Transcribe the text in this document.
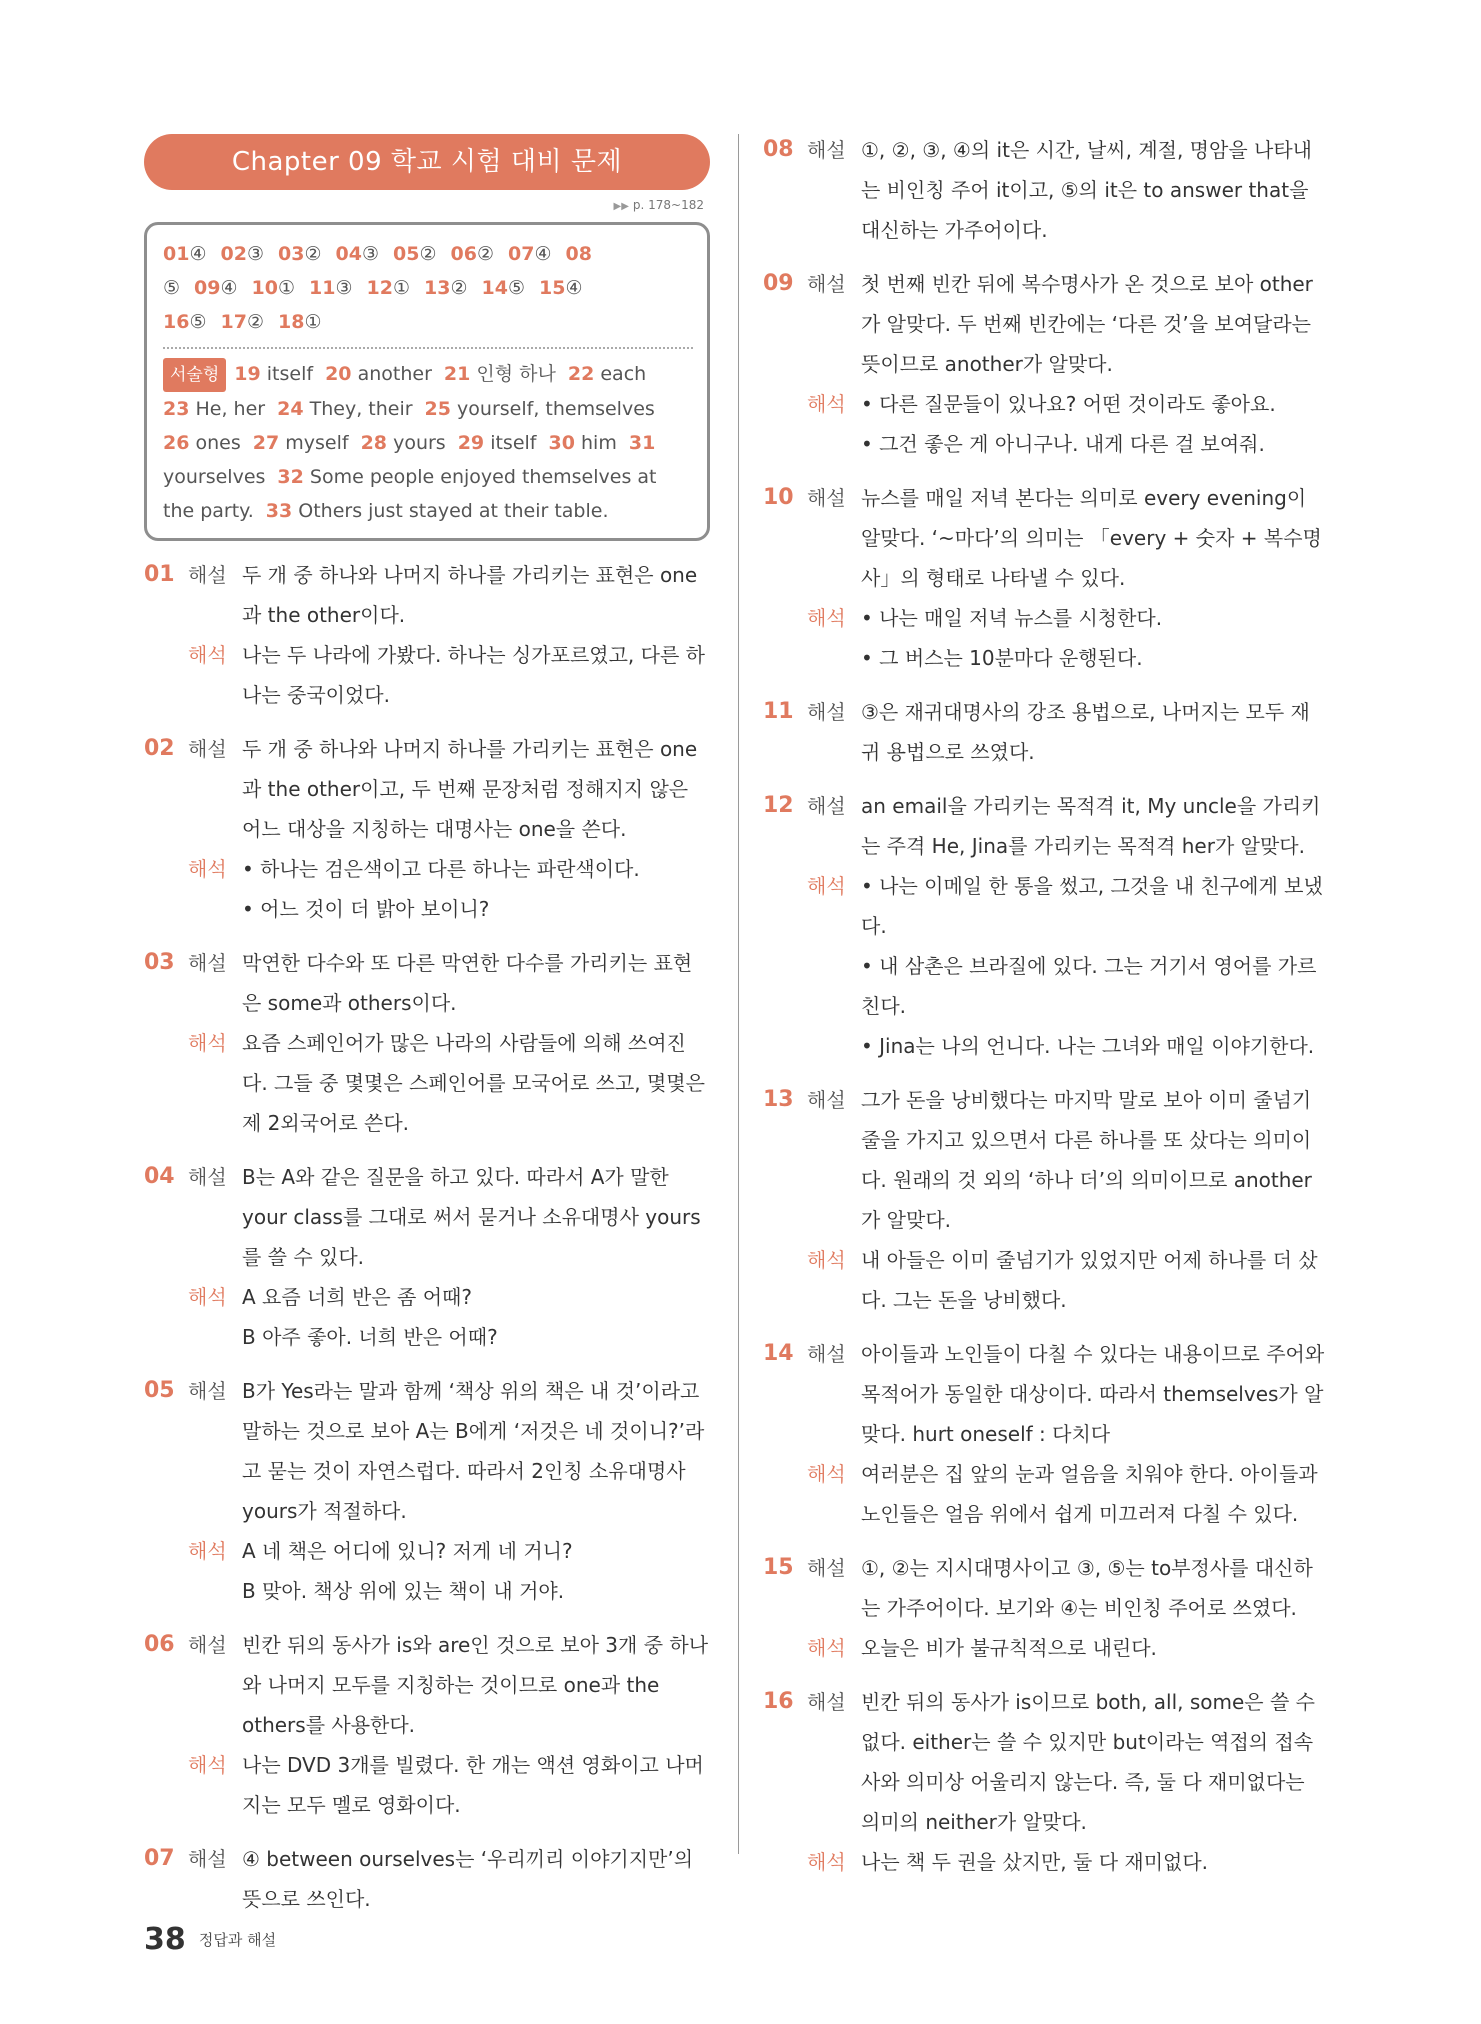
Chapter 09 학교 시험 대비 문제
▶▶ p. 178~182
01④ 02③ 03② 04③ 05② 06② 07④ 08
⑤ 09④ 10① 11③ 12① 13② 14⑤ 15④
16⑤ 17② 18①
서술형 19 itself 20 another 21 인형 하나 22 each
23 He, her 24 They, their 25 yourself, themselves
26 ones 27 myself 28 yours 29 itself 30 him 31
yourselves 32 Some people enjoyed themselves at
the party. 33 Others just stayed at their table.
01 해설 두 개 중 하나와 나머지 하나를 가리키는 표현은 one과 the other이다.
해석 나는 두 나라에 가봤다. 하나는 싱가포르였고, 다른 하나는 중국이었다.
02 해설 두 개 중 하나와 나머지 하나를 가리키는 표현은 one과 the other이고, 두 번째 문장처럼 정해지지 않은 어느 대상을 지칭하는 대명사는 one을 쓴다.
해석 • 하나는 검은색이고 다른 하나는 파란색이다.
• 어느 것이 더 밝아 보이니?
03 해설 막연한 다수와 또 다른 막연한 다수를 가리키는 표현은 some과 others이다.
해석 요즘 스페인어가 많은 나라의 사람들에 의해 쓰여진다. 그들 중 몇몇은 스페인어를 모국어로 쓰고, 몇몇은 제 2외국어로 쓴다.
04 해설 B는 A와 같은 질문을 하고 있다. 따라서 A가 말한 your class를 그대로 써서 묻거나 소유대명사 yours를 쓸 수 있다.
해석 A 요즘 너희 반은 좀 어때?
B 아주 좋아. 너희 반은 어때?
05 해설 B가 Yes라는 말과 함께 ‘책상 위의 책은 내 것’이라고 말하는 것으로 보아 A는 B에게 ‘저것은 네 것이니?’라고 묻는 것이 자연스럽다. 따라서 2인칭 소유대명사 yours가 적절하다.
해석 A 네 책은 어디에 있니? 저게 네 거니?
B 맞아. 책상 위에 있는 책이 내 거야.
06 해설 빈칸 뒤의 동사가 is와 are인 것으로 보아 3개 중 하나와 나머지 모두를 지칭하는 것이므로 one과 the others를 사용한다.
해석 나는 DVD 3개를 빌렸다. 한 개는 액션 영화이고 나머지는 모두 멜로 영화이다.
07 해설 ④ between ourselves는 ‘우리끼리 이야기지만’의 뜻으로 쓰인다.
08 해설 ①, ②, ③, ④의 it은 시간, 날씨, 계절, 명암을 나타내는 비인칭 주어 it이고, ⑤의 it은 to answer that을 대신하는 가주어이다.
09 해설 첫 번째 빈칸 뒤에 복수명사가 온 것으로 보아 other가 알맞다. 두 번째 빈칸에는 ‘다른 것’을 보여달라는 뜻이므로 another가 알맞다.
해석 • 다른 질문들이 있나요? 어떤 것이라도 좋아요.
• 그건 좋은 게 아니구나. 내게 다른 걸 보여줘.
10 해설 뉴스를 매일 저녁 본다는 의미로 every evening이 알맞다. ‘~마다’의 의미는 「every + 숫자 + 복수명사」의 형태로 나타낼 수 있다.
해석 • 나는 매일 저녁 뉴스를 시청한다.
• 그 버스는 10분마다 운행된다.
11 해설 ③은 재귀대명사의 강조 용법으로, 나머지는 모두 재귀 용법으로 쓰였다.
12 해설 an email을 가리키는 목적격 it, My uncle을 가리키는 주격 He, Jina를 가리키는 목적격 her가 알맞다.
해석 • 나는 이메일 한 통을 썼고, 그것을 내 친구에게 보냈다.
• 내 삼촌은 브라질에 있다. 그는 거기서 영어를 가르친다.
• Jina는 나의 언니다. 나는 그녀와 매일 이야기한다.
13 해설 그가 돈을 낭비했다는 마지막 말로 보아 이미 줄넘기 줄을 가지고 있으면서 다른 하나를 또 샀다는 의미이다. 원래의 것 외의 ‘하나 더’의 의미이므로 another가 알맞다.
해석 내 아들은 이미 줄넘기가 있었지만 어제 하나를 더 샀다. 그는 돈을 낭비했다.
14 해설 아이들과 노인들이 다칠 수 있다는 내용이므로 주어와 목적어가 동일한 대상이다. 따라서 themselves가 알맞다. hurt oneself : 다치다
해석 여러분은 집 앞의 눈과 얼음을 치워야 한다. 아이들과 노인들은 얼음 위에서 쉽게 미끄러져 다칠 수 있다.
15 해설 ①, ②는 지시대명사이고 ③, ⑤는 to부정사를 대신하는 가주어이다. 보기와 ④는 비인칭 주어로 쓰였다.
해석 오늘은 비가 불규칙적으로 내린다.
16 해설 빈칸 뒤의 동사가 is이므로 both, all, some은 쓸 수 없다. either는 쓸 수 있지만 but이라는 역접의 접속사와 의미상 어울리지 않는다. 즉, 둘 다 재미없다는 의미의 neither가 알맞다.
해석 나는 책 두 권을 샀지만, 둘 다 재미없다.
38 정답과 해설
